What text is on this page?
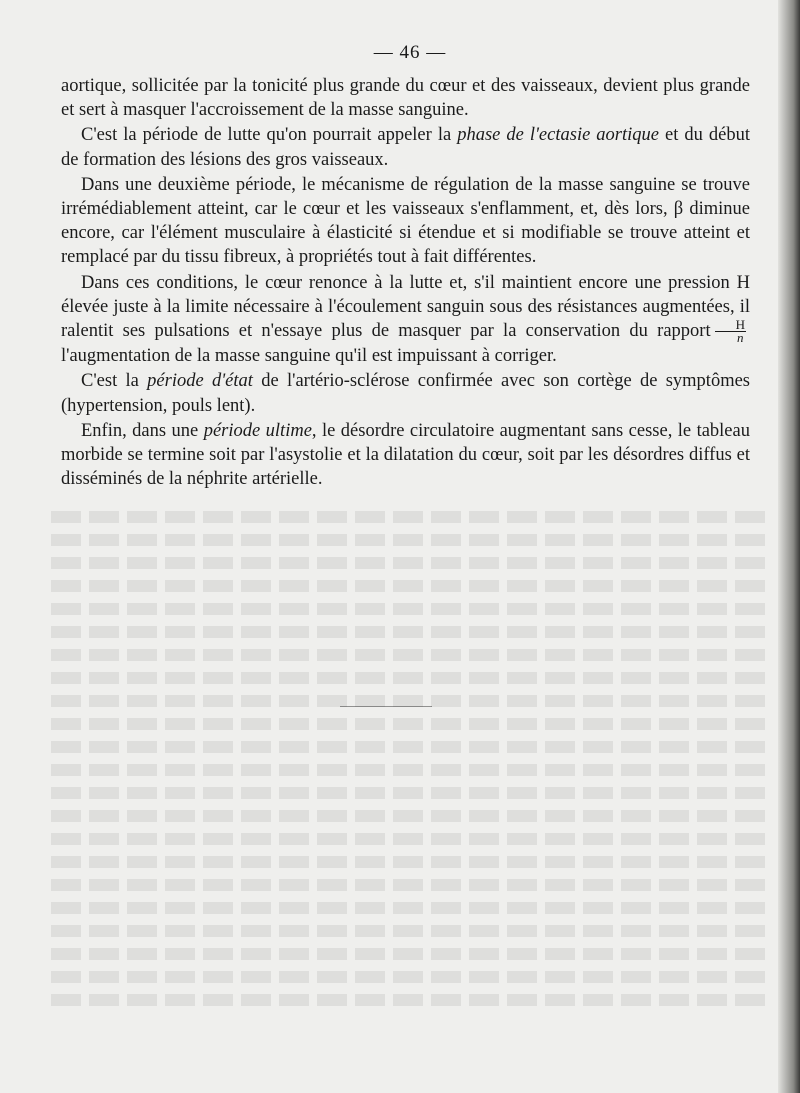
— 46 —

aortique, sollicitée par la tonicité plus grande du cœur et des vaisseaux, devient plus grande et sert à masquer l'accroissement de la masse sanguine.

C'est la période de lutte qu'on pourrait appeler la phase de l'ectasie aortique et du début de formation des lésions des gros vaisseaux.

Dans une deuxième période, le mécanisme de régulation de la masse sanguine se trouve irrémédiablement atteint, car le cœur et les vaisseaux s'enflamment, et, dès lors, β diminue encore, car l'élément musculaire à élasticité si étendue et si modifiable se trouve atteint et remplacé par du tissu fibreux, à propriétés tout à fait différentes.

Dans ces conditions, le cœur renonce à la lutte et, s'il maintient encore une pression H élevée juste à la limite nécessaire à l'écoulement sanguin sous des résistances augmentées, il ralentit ses pulsations et n'essaye plus de masquer par la conservation du rapport $\frac{H}{n}$
l'augmentation de la masse sanguine qu'il est impuissant à corriger.

C'est la période d'état de l'artério-sclérose confirmée avec son cortège de symptômes (hypertension, pouls lent).

Enfin, dans une période ultime, le désordre circulatoire augmentant sans cesse, le tableau morbide se termine soit par l'asystolie et la dilatation du cœur, soit par les désordres diffus et disséminés de la néphrite artérielle.
